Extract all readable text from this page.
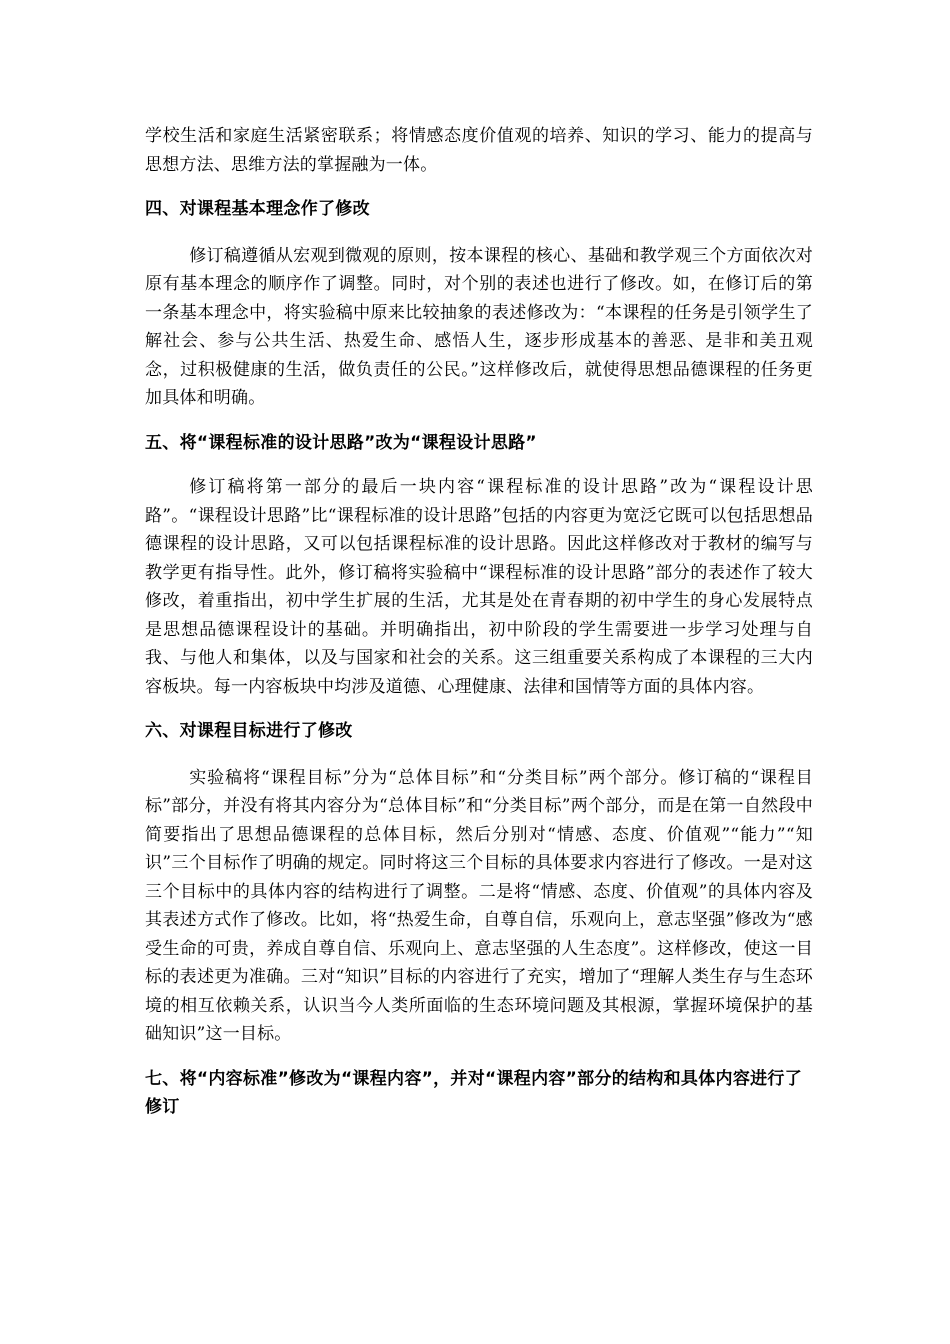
学校生活和家庭生活紧密联系；将情感态度价值观的培养、知识的学习、能力的提高与思想方法、思维方法的掌握融为一体。

四、对课程基本理念作了修改

修订稿遵循从宏观到微观的原则，按本课程的核心、基础和教学观三个方面依次对原有基本理念的顺序作了调整。同时，对个别的表述也进行了修改。如，在修订后的第一条基本理念中，将实验稿中原来比较抽象的表述修改为：“本课程的任务是引领学生了解社会、参与公共生活、热爱生命、感悟人生，逐步形成基本的善恶、是非和美丑观念，过积极健康的生活，做负责任的公民。”这样修改后，就使得思想品德课程的任务更加具体和明确。

五、将“课程标准的设计思路”改为“课程设计思路”

修订稿将第一部分的最后一块内容“课程标准的设计思路”改为“课程设计思路”。“课程设计思路”比“课程标准的设计思路”包括的内容更为宽泛它既可以包括思想品德课程的设计思路，又可以包括课程标准的设计思路。因此这样修改对于教材的编写与教学更有指导性。此外，修订稿将实验稿中“课程标准的设计思路”部分的表述作了较大修改，着重指出，初中学生扩展的生活，尤其是处在青春期的初中学生的身心发展特点是思想品德课程设计的基础。并明确指出，初中阶段的学生需要进一步学习处理与自我、与他人和集体，以及与国家和社会的关系。这三组重要关系构成了本课程的三大内容板块。每一内容板块中均涉及道德、心理健康、法律和国情等方面的具体内容。

六、对课程目标进行了修改

实验稿将“课程目标”分为“总体目标”和“分类目标”两个部分。修订稿的“课程目标”部分，并没有将其内容分为“总体目标”和“分类目标”两个部分，而是在第一自然段中简要指出了思想品德课程的总体目标，然后分别对“情感、态度、价值观”“能力”“知识”三个目标作了明确的规定。同时将这三个目标的具体要求内容进行了修改。一是对这三个目标中的具体内容的结构进行了调整。二是将“情感、态度、价值观”的具体内容及其表述方式作了修改。比如，将“热爱生命，自尊自信，乐观向上，意志坚强”修改为“感受生命的可贵，养成自尊自信、乐观向上、意志坚强的人生态度”。这样修改，使这一目标的表述更为准确。三对“知识”目标的内容进行了充实，增加了“理解人类生存与生态环境的相互依赖关系，认识当今人类所面临的生态环境问题及其根源，掌握环境保护的基础知识”这一目标。

七、将“内容标准”修改为“课程内容”，并对“课程内容”部分的结构和具体内容进行了修订
